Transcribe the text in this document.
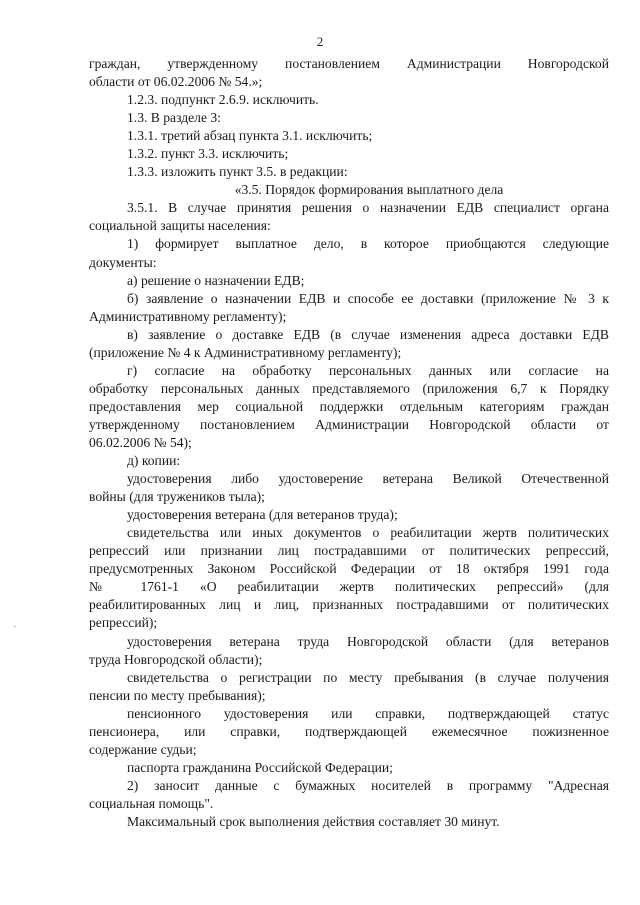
2
граждан, утвержденному постановлением Администрации Новгородской
области от 06.02.2006 № 54.»;
1.2.3. подпункт 2.6.9. исключить.
1.3. В разделе 3:
1.3.1. третий абзац пункта 3.1. исключить;
1.3.2. пункт 3.3. исключить;
1.3.3. изложить пункт 3.5. в редакции:
«3.5. Порядок формирования выплатного дела
3.5.1. В случае принятия решения о назначении ЕДВ специалист органа
социальной защиты населения:
1) формирует выплатное дело, в которое приобщаются следующие
документы:
а) решение о назначении ЕДВ;
б) заявление о назначении ЕДВ и способе ее доставки (приложение № 3 к
Административному регламенту);
в) заявление о доставке ЕДВ (в случае изменения адреса доставки ЕДВ
(приложение № 4 к Административному регламенту);
г) согласие на обработку персональных данных или согласие на
обработку персональных данных представляемого (приложения 6,7 к Порядку
предоставления мер социальной поддержки отдельным категориям граждан
утвержденному постановлением Администрации Новгородской области от
06.02.2006 № 54);
д) копии:
удостоверения либо удостоверение ветерана Великой Отечественной
войны (для тружеников тыла);
удостоверения ветерана (для ветеранов труда);
свидетельства или иных документов о реабилитации жертв политических
репрессий или признании лиц пострадавшими от политических репрессий,
предусмотренных Законом Российской Федерации от 18 октября 1991 года
№ 1761-1 «О реабилитации жертв политических репрессий» (для
реабилитированных лиц и лиц, признанных пострадавшими от политических
репрессий);
удостоверения ветерана труда Новгородской области (для ветеранов
труда Новгородской области);
свидетельства о регистрации по месту пребывания (в случае получения
пенсии по месту пребывания);
пенсионного удостоверения или справки, подтверждающей статус
пенсионера, или справки, подтверждающей ежемесячное пожизненное
содержание судьи;
паспорта гражданина Российской Федерации;
2) заносит данные с бумажных носителей в программу "Адресная
социальная помощь".
Максимальный срок выполнения действия составляет 30 минут.
